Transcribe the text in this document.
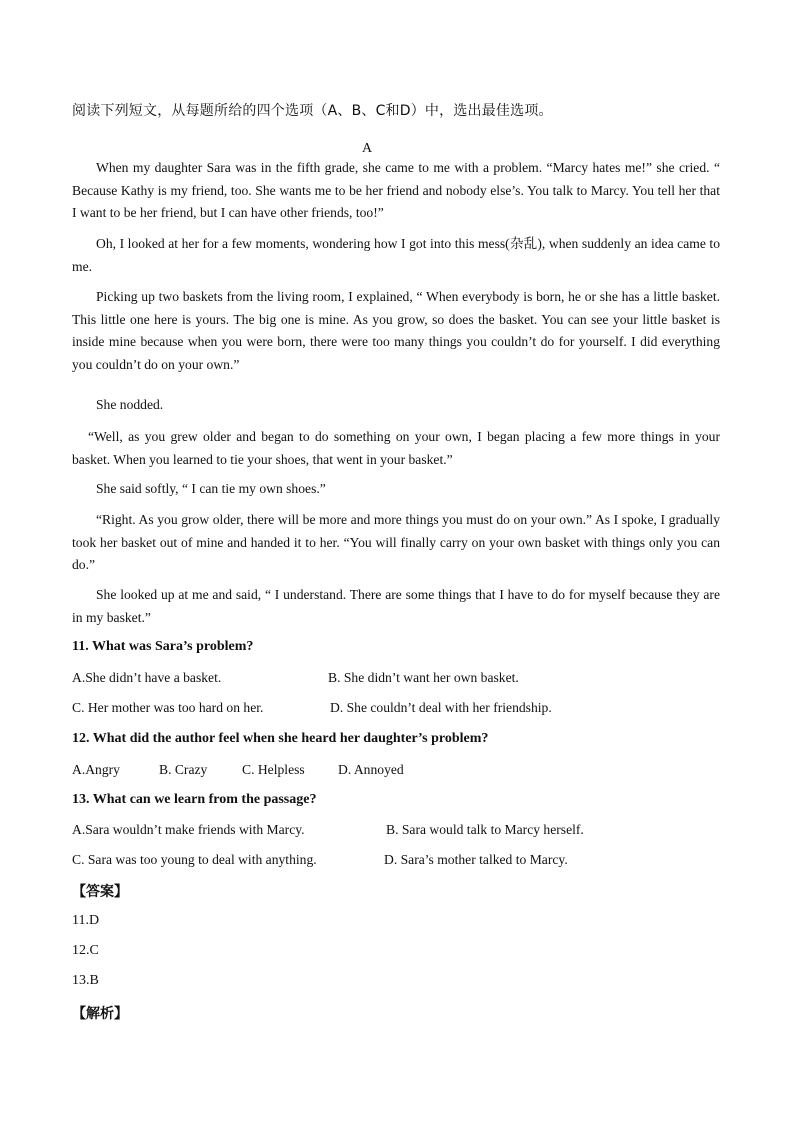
阅读下列短文，从每题所给的四个选项（A、B、C和D）中，选出最佳选项。
A

When my daughter Sara was in the fifth grade, she came to me with a problem. “Marcy hates me!” she cried. “ Because Kathy is my friend, too. She wants me to be her friend and nobody else’s. You talk to Marcy. You tell her that I want to be her friend, but I can have other friends, too!”

Oh, I looked at her for a few moments, wondering how I got into this mess(杂乱), when suddenly an idea came to me.

Picking up two baskets from the living room, I explained, “ When everybody is born, he or she has a little basket. This little one here is yours. The big one is mine. As you grow, so does the basket. You can see your little basket is inside mine because when you were born, there were too many things you couldn’t do for yourself. I did everything you couldn’t do on your own.”

She nodded.

“Well, as you grew older and began to do something on your own, I began placing a few more things in your basket. When you learned to tie your shoes, that went in your basket.”

She said softly, “ I can tie my own shoes.”

“Right. As you grow older, there will be more and more things you must do on your own.” As I spoke, I gradually took her basket out of mine and handed it to her. “You will finally carry on your own basket with things only you can do.”

She looked up at me and said, “ I understand. There are some things that I have to do for myself because they are in my basket.”

11. What was Sara’s problem?
A.She didn’t have a basket.	B. She didn’t want her own basket.
C. Her mother was too hard on her.	D. She couldn’t deal with her friendship.
12. What did the author feel when she heard her daughter’s problem?
A.Angry	B. Crazy	C. Helpless D. Annoyed
13. What can we learn from the passage?
A.Sara wouldn’t make friends with Marcy.	B. Sara would talk to Marcy herself.
C. Sara was too young to deal with anything.	D. Sara’s mother talked to Marcy.
【答案】
11.D
12.C
13.B
【解析】
